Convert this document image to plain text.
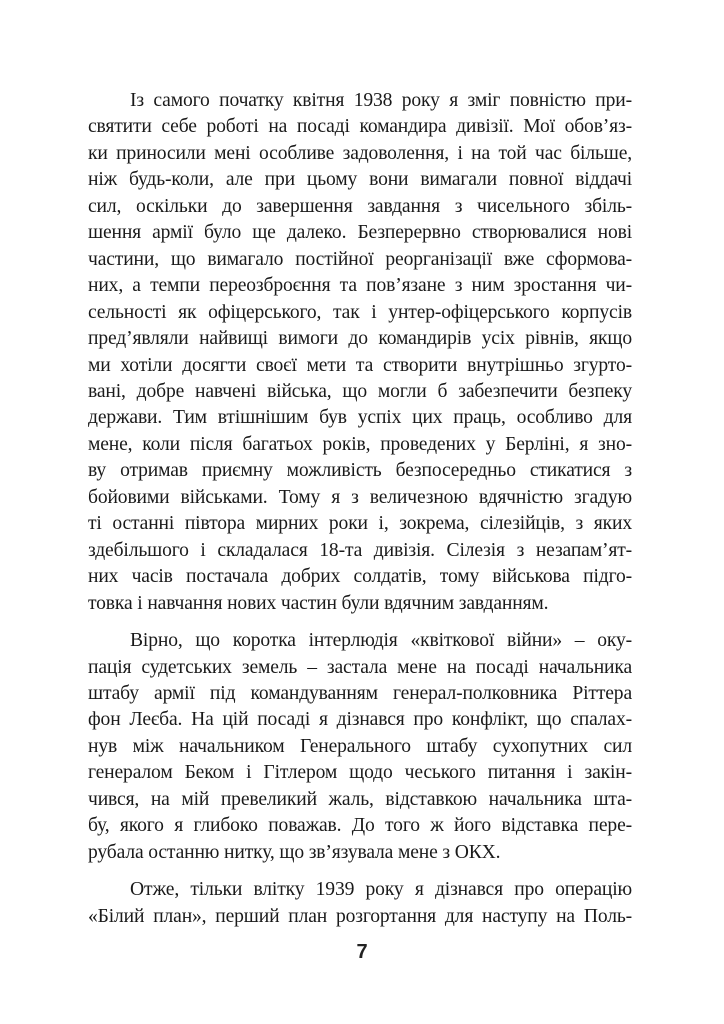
Із самого початку квітня 1938 року я зміг повністю при-
святити себе роботі на посаді командира дивізії. Мої обов’яз-
ки приносили мені особливе задоволення, і на той час більше,
ніж будь-коли, але при цьому вони вимагали повної віддачі
сил, оскільки до завершення завдання з чисельного збіль-
шення армії було ще далеко. Безперервно створювалися нові
частини, що вимагало постійної реорганізації вже сформова-
них, а темпи переозброєння та пов’язане з ним зростання чи-
сельності як офіцерського, так і унтер-офіцерського корпусів
пред’являли найвищі вимоги до командирів усіх рівнів, якщо
ми хотіли досягти своєї мети та створити внутрішньо згурто-
вані, добре навчені війська, що могли б забезпечити безпеку
держави. Тим втішнішим був успіх цих праць, особливо для
мене, коли після багатьох років, проведених у Берліні, я зно-
ву отримав приємну можливість безпосередньо стикатися з
бойовими військами. Тому я з величезною вдячністю згадую
ті останні півтора мирних роки і, зокрема, сілезійців, з яких
здебільшого і складалася 18-та дивізія. Сілезія з незапам’ят-
них часів постачала добрих солдатів, тому військова підго-
товка і навчання нових частин були вдячним завданням.
Вірно, що коротка інтерлюдія «квіткової війни» – оку-
пація судетських земель – застала мене на посаді начальника
штабу армії під командуванням генерал-полковника Ріттера
фон Леєба. На цій посаді я дізнався про конфлікт, що спалах-
нув між начальником Генерального штабу сухопутних сил
генералом Беком і Гітлером щодо чеського питання і закін-
чився, на мій превеликий жаль, відставкою начальника шта-
бу, якого я глибоко поважав. До того ж його відставка пере-
рубала останню нитку, що зв’язувала мене з ОКХ.
Отже, тільки влітку 1939 року я дізнався про операцію
«Білий план», перший план розгортання для наступу на Поль-
7
